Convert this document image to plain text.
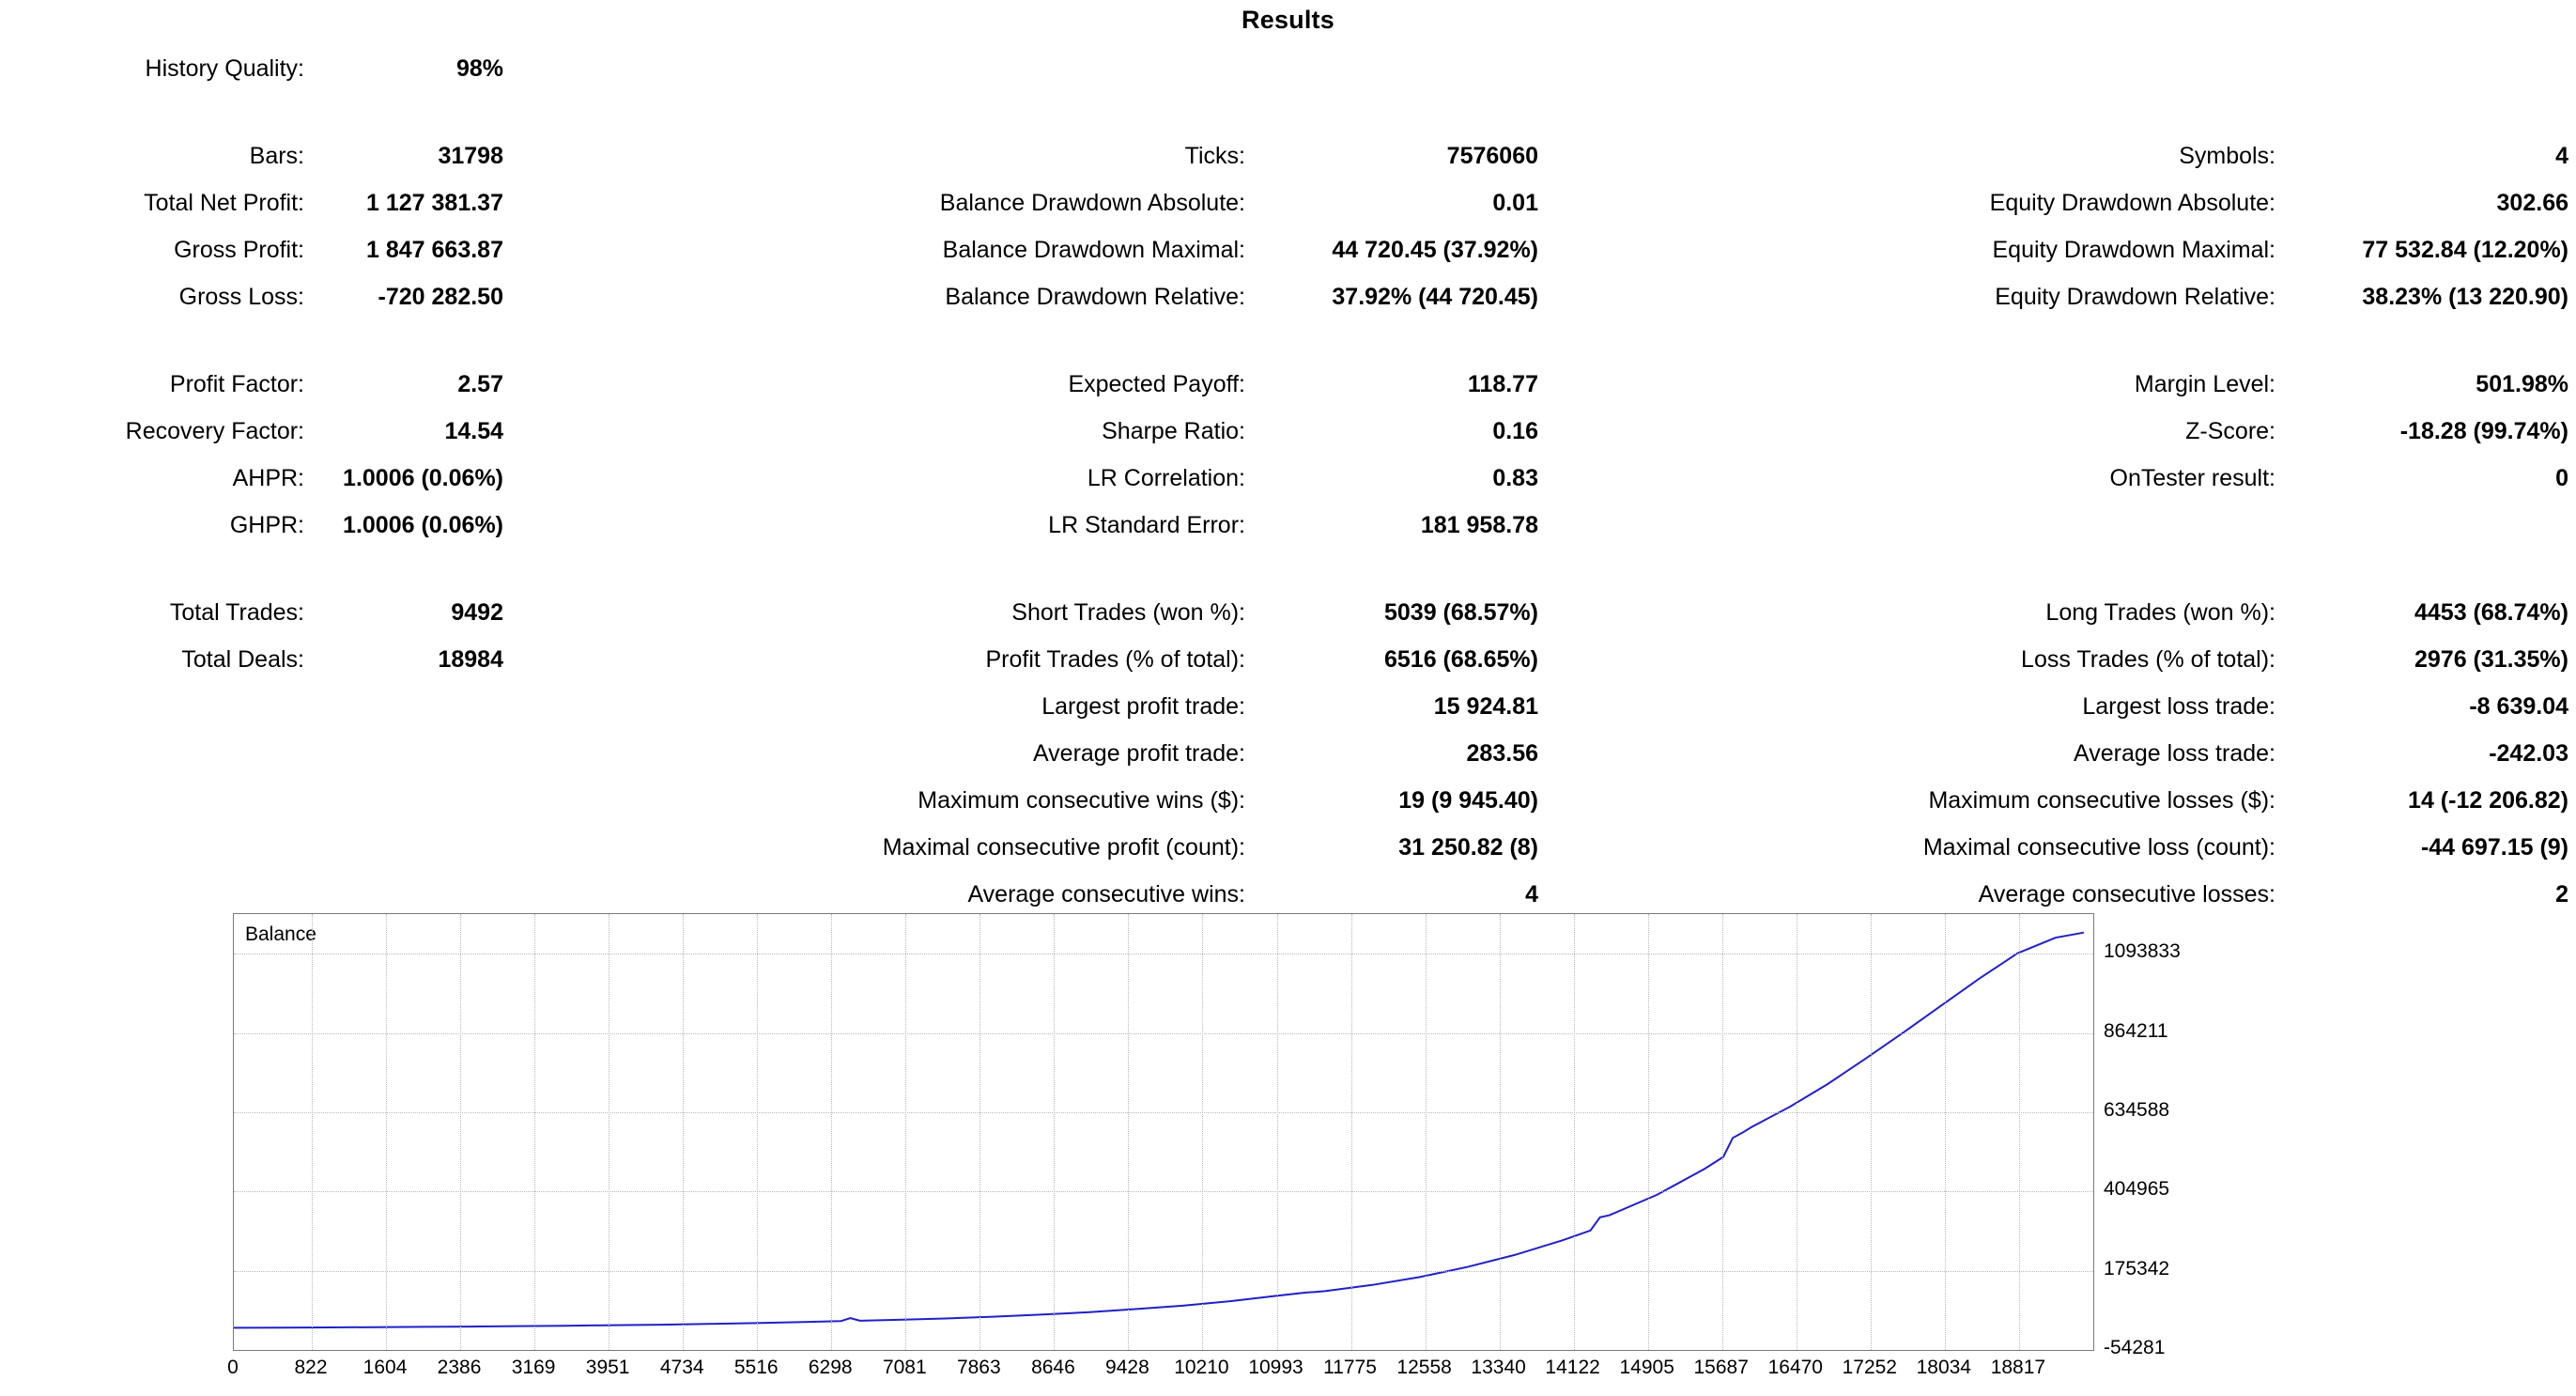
Results
History Quality:	98%
Bars:	31798	Ticks:	7576060	Symbols:	4
Total Net Profit:	1 127 381.37	Balance Drawdown Absolute:	0.01	Equity Drawdown Absolute:	302.66
Gross Profit:	1 847 663.87	Balance Drawdown Maximal:	44 720.45 (37.92%)	Equity Drawdown Maximal:	77 532.84 (12.20%)
Gross Loss:	-720 282.50	Balance Drawdown Relative:	37.92% (44 720.45)	Equity Drawdown Relative:	38.23% (13 220.90)
Profit Factor:	2.57	Expected Payoff:	118.77	Margin Level:	501.98%
Recovery Factor:	14.54	Sharpe Ratio:	0.16	Z-Score:	-18.28 (99.74%)
AHPR:	1.0006 (0.06%)	LR Correlation:	0.83	OnTester result:	0
GHPR:	1.0006 (0.06%)	LR Standard Error:	181 958.78
Total Trades:	9492	Short Trades (won %):	5039 (68.57%)	Long Trades (won %):	4453 (68.74%)
Total Deals:	18984	Profit Trades (% of total):	6516 (68.65%)	Loss Trades (% of total):	2976 (31.35%)
Largest profit trade:	15 924.81	Largest loss trade:	-8 639.04
Average profit trade:	283.56	Average loss trade:	-242.03
Maximum consecutive wins ($):	19 (9 945.40)	Maximum consecutive losses ($):	14 (-12 206.82)
Maximal consecutive profit (count):	31 250.82 (8)	Maximal consecutive loss (count):	-44 697.15 (9)
Average consecutive wins:	4	Average consecutive losses:	2
Balance
-54281
175342
404965
634588
864211
1093833
0	822 1604 2386 3169 3951 4734 5516 6298 7081 7863 8646 9428 10210 10993 11775 12558 13340 14122 14905 15687 16470 17252 18034 18817
